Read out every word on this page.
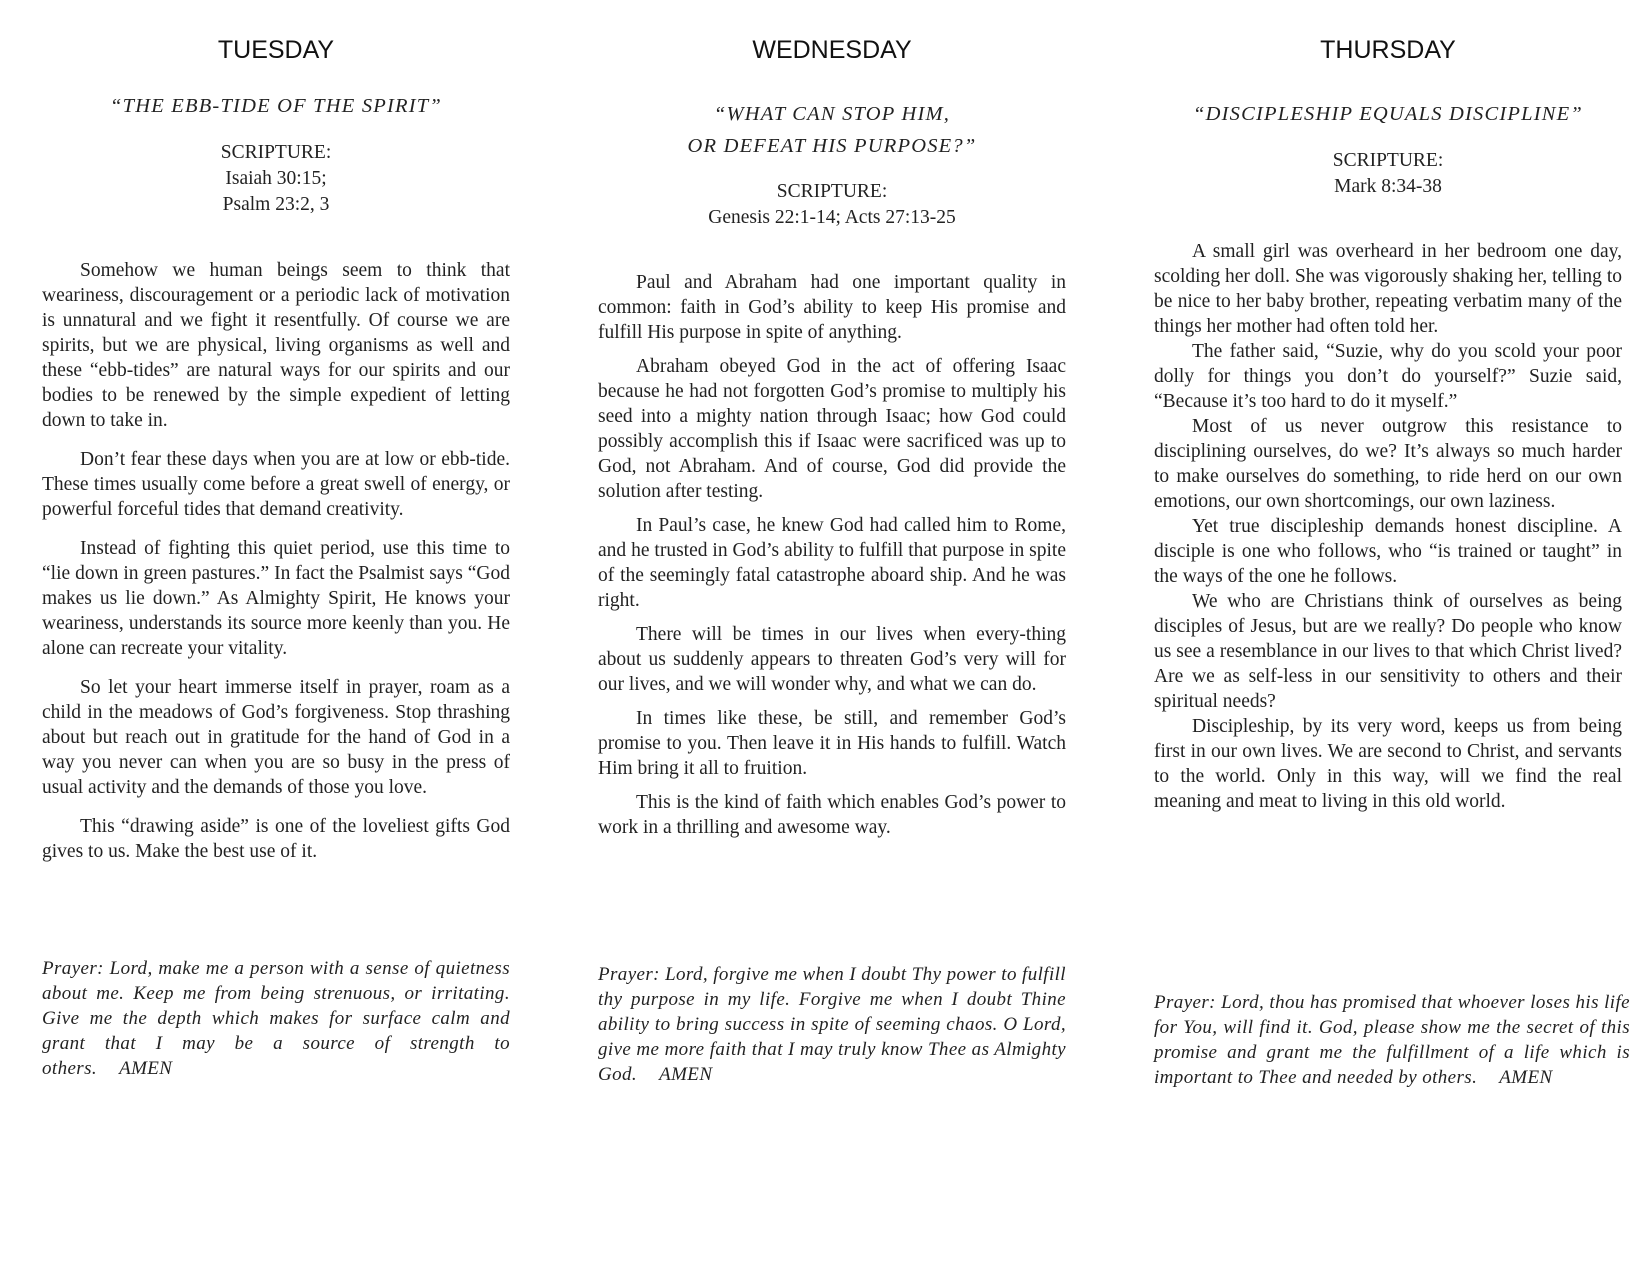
TUESDAY
“THE EBB-TIDE OF THE SPIRIT”
SCRIPTURE:
Isaiah 30:15;
Psalm 23:2, 3

Somehow we human beings seem to think that weariness, discouragement or a periodic lack of motivation is unnatural and we fight it resentfully. Of course we are spirits, but we are physical, living organisms as well and these “ebb-tides” are natural ways for our spirits and our bodies to be renewed by the simple expedient of letting down to take in.

Don’t fear these days when you are at low or ebb-tide. These times usually come before a great swell of energy, or powerful forceful tides that demand creativity.

Instead of fighting this quiet period, use this time to “lie down in green pastures.” In fact the Psalmist says “God makes us lie down.” As Almighty Spirit, He knows your weariness, understands its source more keenly than you. He alone can recreate your vitality.

So let your heart immerse itself in prayer, roam as a child in the meadows of God’s forgiveness. Stop thrashing about but reach out in gratitude for the hand of God in a way you never can when you are so busy in the press of usual activity and the demands of those you love.

This “drawing aside” is one of the loveliest gifts God gives to us. Make the best use of it.

Prayer: Lord, make me a person with a sense of quietness about me. Keep me from being strenuous, or irritating. Give me the depth which makes for surface calm and grant that I may be a source of strength to others. AMEN

WEDNESDAY
“WHAT CAN STOP HIM,
OR DEFEAT HIS PURPOSE?”
SCRIPTURE:
Genesis 22:1-14; Acts 27:13-25

Paul and Abraham had one important quality in common: faith in God’s ability to keep His promise and fulfill His purpose in spite of anything.

Abraham obeyed God in the act of offering Isaac because he had not forgotten God’s promise to multiply his seed into a mighty nation through Isaac; how God could possibly accomplish this if Isaac were sacrificed was up to God, not Abraham. And of course, God did provide the solution after testing.

In Paul’s case, he knew God had called him to Rome, and he trusted in God’s ability to fulfill that purpose in spite of the seemingly fatal catastrophe aboard ship. And he was right.

There will be times in our lives when every-thing about us suddenly appears to threaten God’s very will for our lives, and we will wonder why, and what we can do.

In times like these, be still, and remember God’s promise to you. Then leave it in His hands to fulfill. Watch Him bring it all to fruition.

This is the kind of faith which enables God’s power to work in a thrilling and awesome way.

Prayer: Lord, forgive me when I doubt Thy power to fulfill thy purpose in my life. Forgive me when I doubt Thine ability to bring success in spite of seeming chaos. O Lord, give me more faith that I may truly know Thee as Almighty God. AMEN

THURSDAY
“DISCIPLESHIP EQUALS DISCIPLINE”
SCRIPTURE:
Mark 8:34-38

A small girl was overheard in her bedroom one day, scolding her doll. She was vigorously shaking her, telling to be nice to her baby brother, repeating verbatim many of the things her mother had often told her.

The father said, “Suzie, why do you scold your poor dolly for things you don’t do yourself?” Suzie said, “Because it’s too hard to do it myself.”

Most of us never outgrow this resistance to disciplining ourselves, do we? It’s always so much harder to make ourselves do something, to ride herd on our own emotions, our own shortcomings, our own laziness.

Yet true discipleship demands honest discipline. A disciple is one who follows, who “is trained or taught” in the ways of the one he follows.

We who are Christians think of ourselves as being disciples of Jesus, but are we really? Do people who know us see a resemblance in our lives to that which Christ lived? Are we as self-less in our sensitivity to others and their spiritual needs?

Discipleship, by its very word, keeps us from being first in our own lives. We are second to Christ, and servants to the world. Only in this way, will we find the real meaning and meat to living in this old world.

Prayer: Lord, thou has promised that whoever loses his life for You, will find it. God, please show me the secret of this promise and grant me the fulfillment of a life which is important to Thee and needed by others. AMEN
